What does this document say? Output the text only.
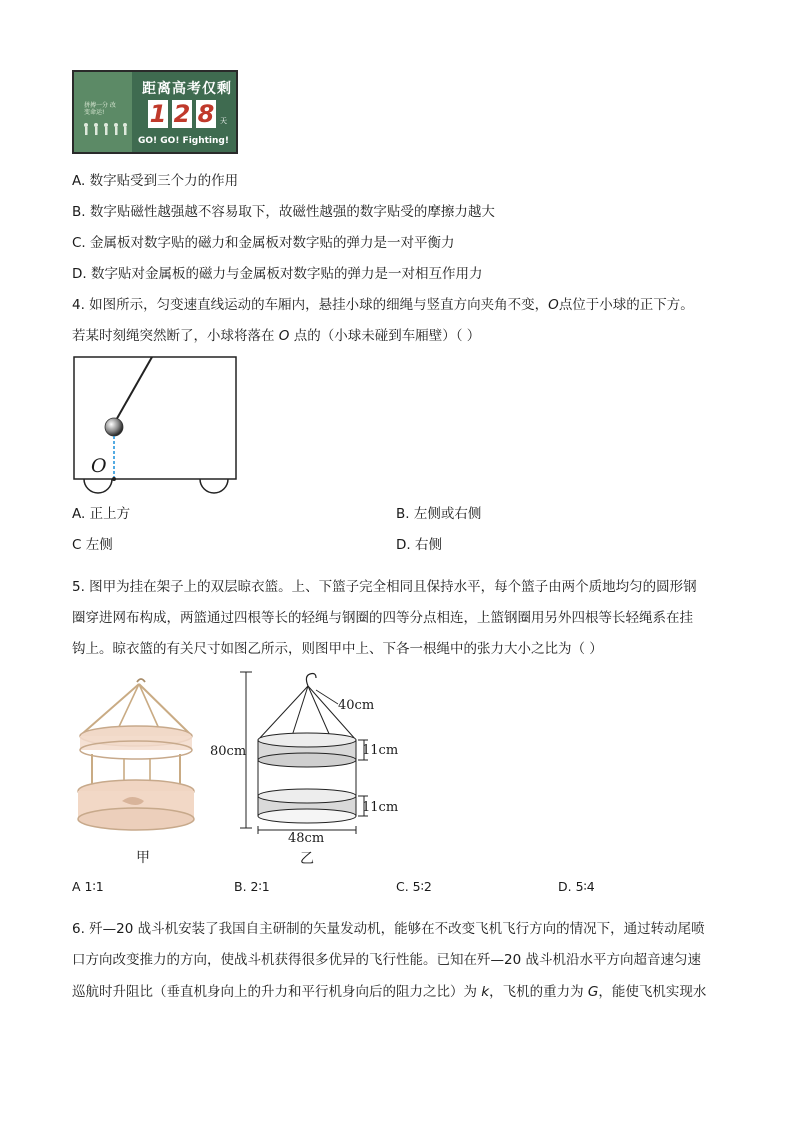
拼搏一分 改变命运!
距离高考仅剩
1 2 8 天
GO! GO! Fighting!
A. 数字贴受到三个力的作用
B. 数字贴磁性越强越不容易取下，故磁性越强的数字贴受的摩擦力越大
C. 金属板对数字贴的磁力和金属板对数字贴的弹力是一对平衡力
D. 数字贴对金属板的磁力与金属板对数字贴的弹力是一对相互作用力
4. 如图所示，匀变速直线运动的车厢内，悬挂小球的细绳与竖直方向夹角不变，O点位于小球的正下方。
若某时刻绳突然断了，小球将落在 O 点的（小球未碰到车厢壁）（ ）
O
A. 正上方	B. 左侧或右侧
C 左侧	D. 右侧
5. 图甲为挂在架子上的双层晾衣篮。上、下篮子完全相同且保持水平，每个篮子由两个质地均匀的圆形钢
圈穿进网布构成，两篮通过四根等长的轻绳与钢圈的四等分点相连，上篮钢圈用另外四根等长轻绳系在挂
钩上。晾衣篮的有关尺寸如图乙所示，则图甲中上、下各一根绳中的张力大小之比为（ ）
甲
80cm
40cm
11cm
11cm
48cm
乙
A 1∶1	B. 2∶1	C. 5∶2	D. 5∶4
6. 歼—20 战斗机安装了我国自主研制的矢量发动机，能够在不改变飞机飞行方向的情况下，通过转动尾喷
口方向改变推力的方向，使战斗机获得很多优异的飞行性能。已知在歼—20 战斗机沿水平方向超音速匀速
巡航时升阻比（垂直机身向上的升力和平行机身向后的阻力之比）为 k，飞机的重力为 G，能使飞机实现水
